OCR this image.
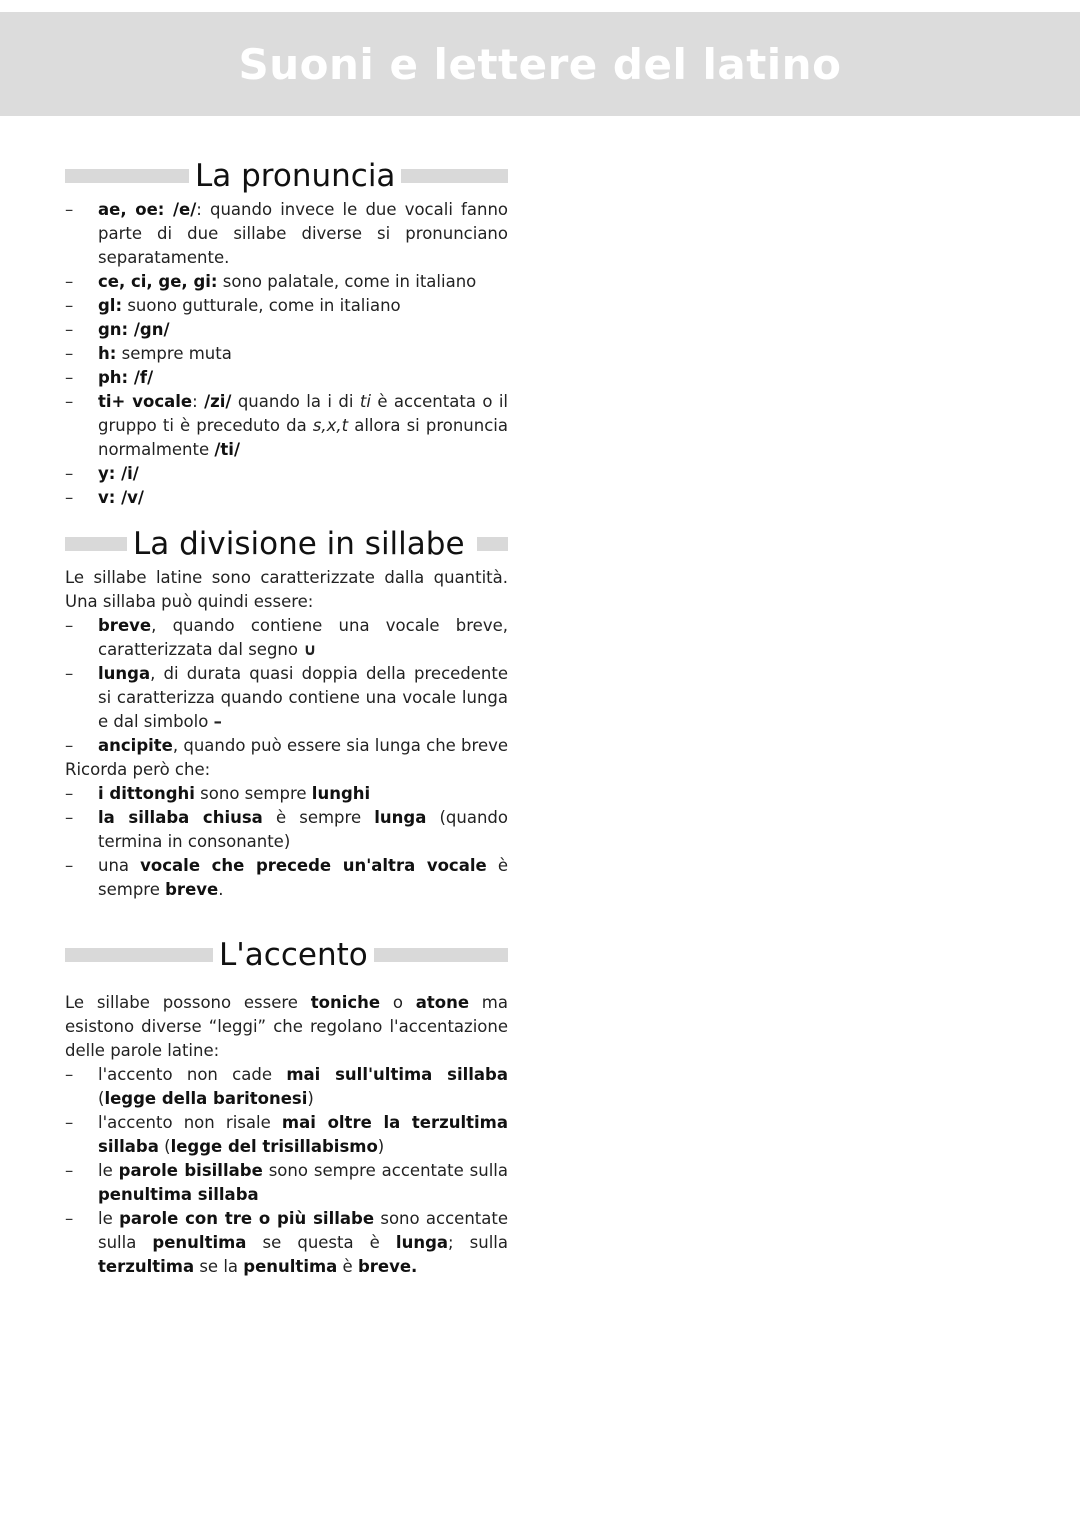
Suoni e lettere del latino
La pronuncia
– ae, oe: /e/: quando invece le due vocali fanno parte di due sillabe diverse si pronunciano separatamente.
– ce, ci, ge, gi: sono palatale, come in italiano
– gl: suono gutturale, come in italiano
– gn: /gn/
– h: sempre muta
– ph: /f/
– ti+ vocale: /zi/ quando la i di ti è accentata o il gruppo ti è preceduto da s,x,t allora si pronuncia normalmente /ti/
– y: /i/
– v: /v/
La divisione in sillabe

Le sillabe latine sono caratterizzate dalla quantità. Una sillaba può quindi essere:

– breve, quando contiene una vocale breve, caratterizzata dal segno ∪
– lunga, di durata quasi doppia della precedente si caratterizza quando contiene una vocale lunga e dal simbolo –
– ancipite, quando può essere sia lunga che breve

Ricorda però che:

– i dittonghi sono sempre lunghi
– la sillaba chiusa è sempre lunga (quando termina in consonante)
– una vocale che precede un'altra vocale è sempre breve.
L'accento

Le sillabe possono essere toniche o atone ma esistono diverse “leggi” che regolano l'accentazione delle parole latine:

– l'accento non cade mai sull'ultima sillaba (legge della baritonesi)
– l'accento non risale mai oltre la terzultima sillaba (legge del trisillabismo)
– le parole bisillabe sono sempre accentate sulla penultima sillaba
– le parole con tre o più sillabe sono accentate sulla penultima se questa è lunga; sulla terzultima se la penultima è breve.
